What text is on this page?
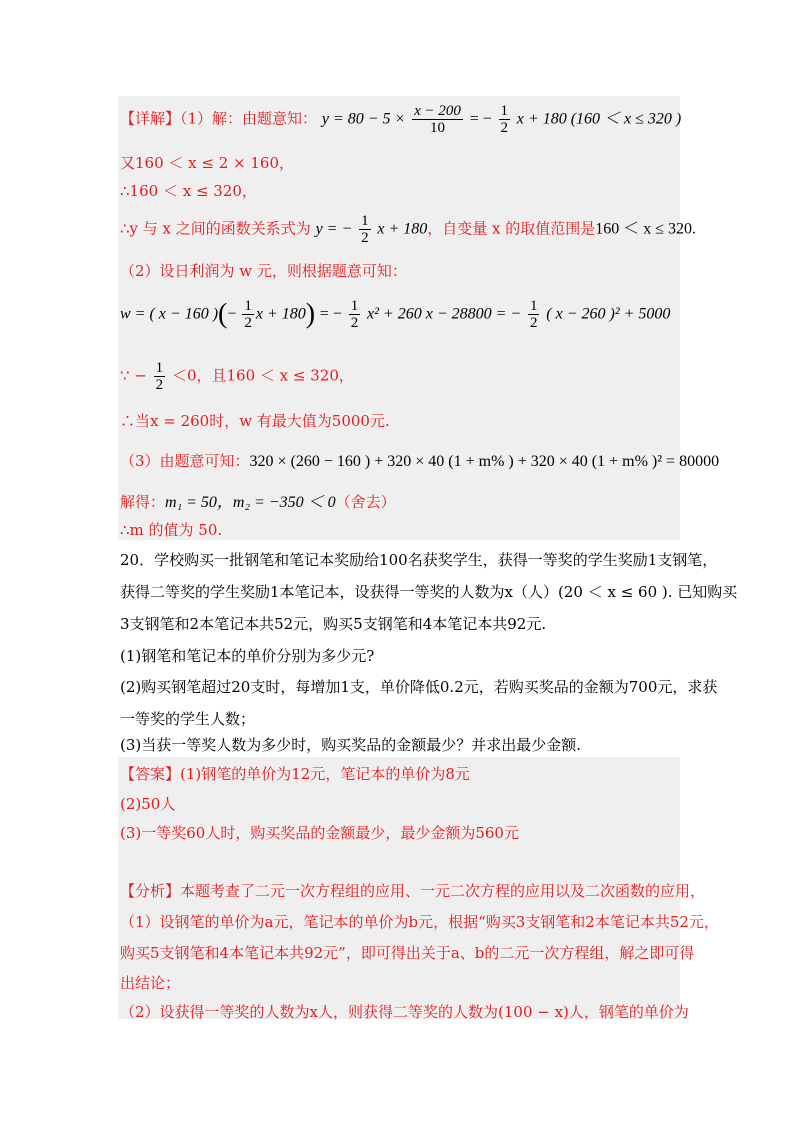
【详解】（1）解：由题意知： $y = 80 - 5 \times \frac{x - 200}{10}$ = − $\frac{1}{2}$ x + 180 (160 ＜ x ≤ 320 )
又160 ＜ x ≤ 2 × 160，
∴160 ＜ x ≤ 320，
∴y 与 x 之间的函数关系式为 y = − $\frac{1}{2}$ x + 180，自变量 x 的取值范围是160 ＜ x ≤ 320.
（2）设日利润为 w 元，则根据题意可知：
w = ( x − 160 )(− $\frac{1}{2}$ x + 180) = − $\frac{1}{2} x^2 + 260$ x − 28800 = − $\frac{1}{2}$ ( x − 260 )² + 5000
∵ − $\frac{1}{2} <0$，且160 ＜ x ≤ 320，
∴当x = 260时，w 有最大值为5000元.
（3）由题意可知：320 × (260 − 160 ) + 320 × 40 (1 + m% ) + 320 × 40 (1 + m% )² = 80000
解得：m₁ = 50，m₂ = −350 ＜ 0（舍去）
∴m 的值为 50.
20．学校购买一批钢笔和笔记本奖励给100名获奖学生，获得一等奖的学生奖励1支钢笔，
获得二等奖的学生奖励1本笔记本，设获得一等奖的人数为x（人）(20 ＜ x ≤ 60 ). 已知购买
3支钢笔和2本笔记本共52元，购买5支钢笔和4本笔记本共92元.
(1)钢笔和笔记本的单价分别为多少元?
(2)购买钢笔超过20支时，每增加1支，单价降低0.2元，若购买奖品的金额为700元，求获
一等奖的学生人数；
(3)当获一等奖人数为多少时，购买奖品的金额最少？并求出最少金额.
【答案】(1)钢笔的单价为12元，笔记本的单价为8元
(2)50人
(3)一等奖60人时，购买奖品的金额最少，最少金额为560元
【分析】本题考查了二元一次方程组的应用、一元二次方程的应用以及二次函数的应用，
（1）设钢笔的单价为a元，笔记本的单价为b元，根据“购买3支钢笔和2本笔记本共52元，
购买5支钢笔和4本笔记本共92元”，即可得出关于a、b的二元一次方程组，解之即可得
出结论；
（2）设获得一等奖的人数为x人，则获得二等奖的人数为(100 − x)人，钢笔的单价为
